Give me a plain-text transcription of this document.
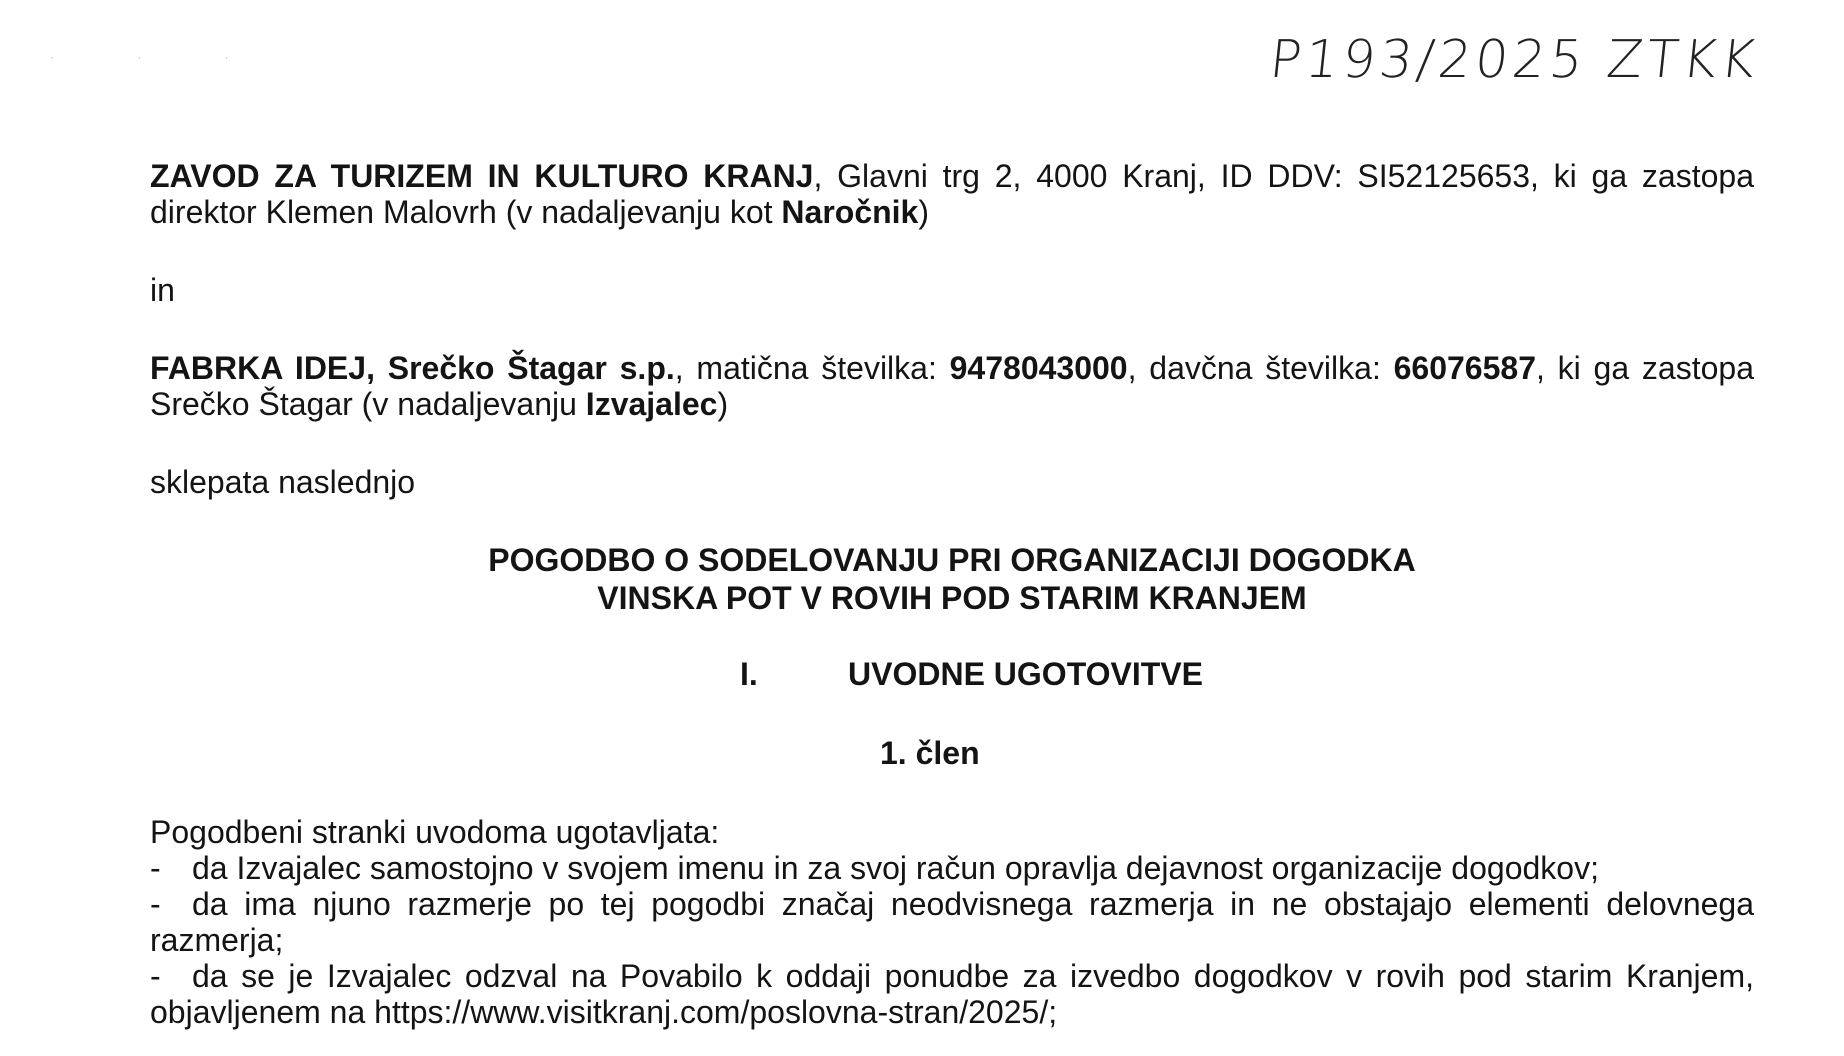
· · ·	P193/2025 ZTKK
ZAVOD ZA TURIZEM IN KULTURO KRANJ, Glavni trg 2, 4000 Kranj, ID DDV: SI52125653, ki ga zastopa direktor Klemen Malovrh (v nadaljevanju kot Naročnik)
in
FABRKA IDEJ, Srečko Štagar s.p., matična številka: 9478043000, davčna številka: 66076587, ki ga zastopa Srečko Štagar (v nadaljevanju Izvajalec)
sklepata naslednjo
POGODBO O SODELOVANJU PRI ORGANIZACIJI DOGODKA
VINSKA POT V ROVIH POD STARIM KRANJEM
I.	UVODNE UGOTOVITVE
1. člen
Pogodbeni stranki uvodoma ugotavljata:
- da Izvajalec samostojno v svojem imenu in za svoj račun opravlja dejavnost organizacije dogodkov;
- da ima njuno razmerje po tej pogodbi značaj neodvisnega razmerja in ne obstajajo elementi delovnega razmerja;
- da se je Izvajalec odzval na Povabilo k oddaji ponudbe za izvedbo dogodkov v rovih pod starim Kranjem, objavljenem na https://www.visitkranj.com/poslovna-stran/2025/;
